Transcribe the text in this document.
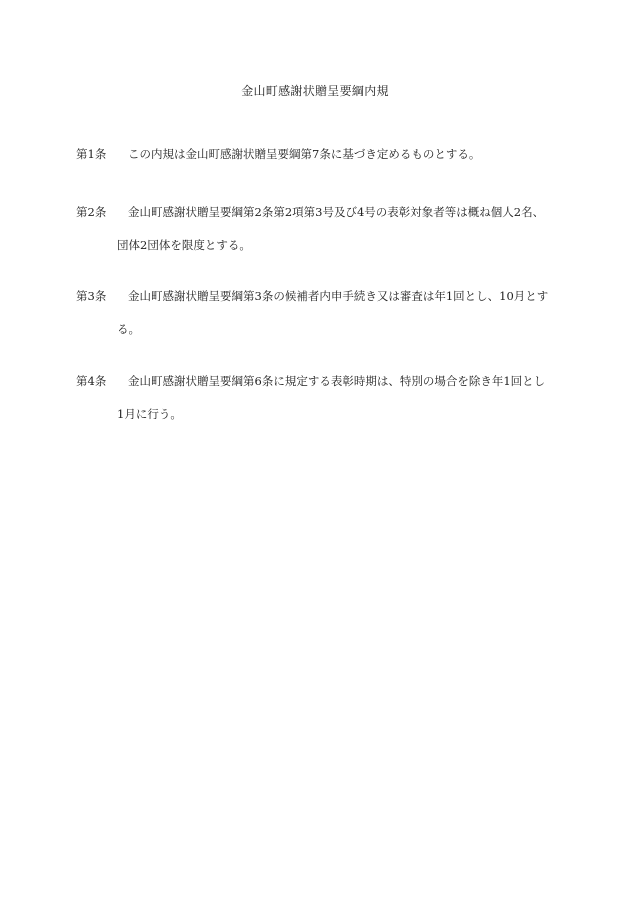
金山町感謝状贈呈要綱内規
第1条 この内規は金山町感謝状贈呈要綱第7条に基づき定めるものとする。
第2条 金山町感謝状贈呈要綱第2条第2項第3号及び4号の表彰対象者等は概ね個人2名、
団体2団体を限度とする。
第3条 金山町感謝状贈呈要綱第3条の候補者内申手続き又は審査は年1回とし、10月とす
る。
第4条 金山町感謝状贈呈要綱第6条に規定する表彰時期は、特別の場合を除き年1回とし
1月に行う。
